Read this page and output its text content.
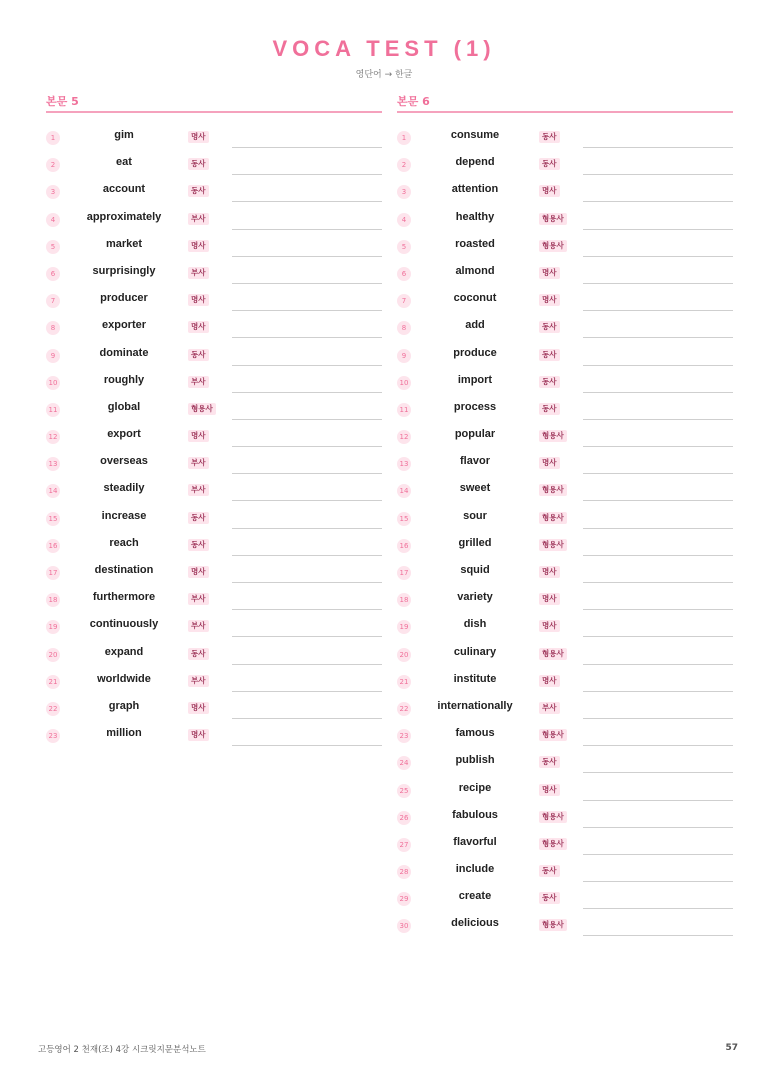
VOCA TEST (1)
영단어 → 한글
본문 5
1	gim	명사
2	eat	동사
3	account	동사
4	approximately	부사
5	market	명사
6	surprisingly	부사
7	producer	명사
8	exporter	명사
9	dominate	동사
10	roughly	부사
11	global	형용사
12	export	명사
13	overseas	부사
14	steadily	부사
15	increase	동사
16	reach	동사
17	destination	명사
18	furthermore	부사
19	continuously	부사
20	expand	동사
21	worldwide	부사
22	graph	명사
23	million	명사
본문 6
1	consume	동사
2	depend	동사
3	attention	명사
4	healthy	형용사
5	roasted	형용사
6	almond	명사
7	coconut	명사
8	add	동사
9	produce	동사
10	import	동사
11	process	동사
12	popular	형용사
13	flavor	명사
14	sweet	형용사
15	sour	형용사
16	grilled	형용사
17	squid	명사
18	variety	명사
19	dish	명사
20	culinary	형용사
21	institute	명사
22	internationally	부사
23	famous	형용사
24	publish	동사
25	recipe	명사
26	fabulous	형용사
27	flavorful	형용사
28	include	동사
29	create	동사
30	delicious	형용사
고등영어 2 천재(조) 4강 시크릿지문분석노트	57
